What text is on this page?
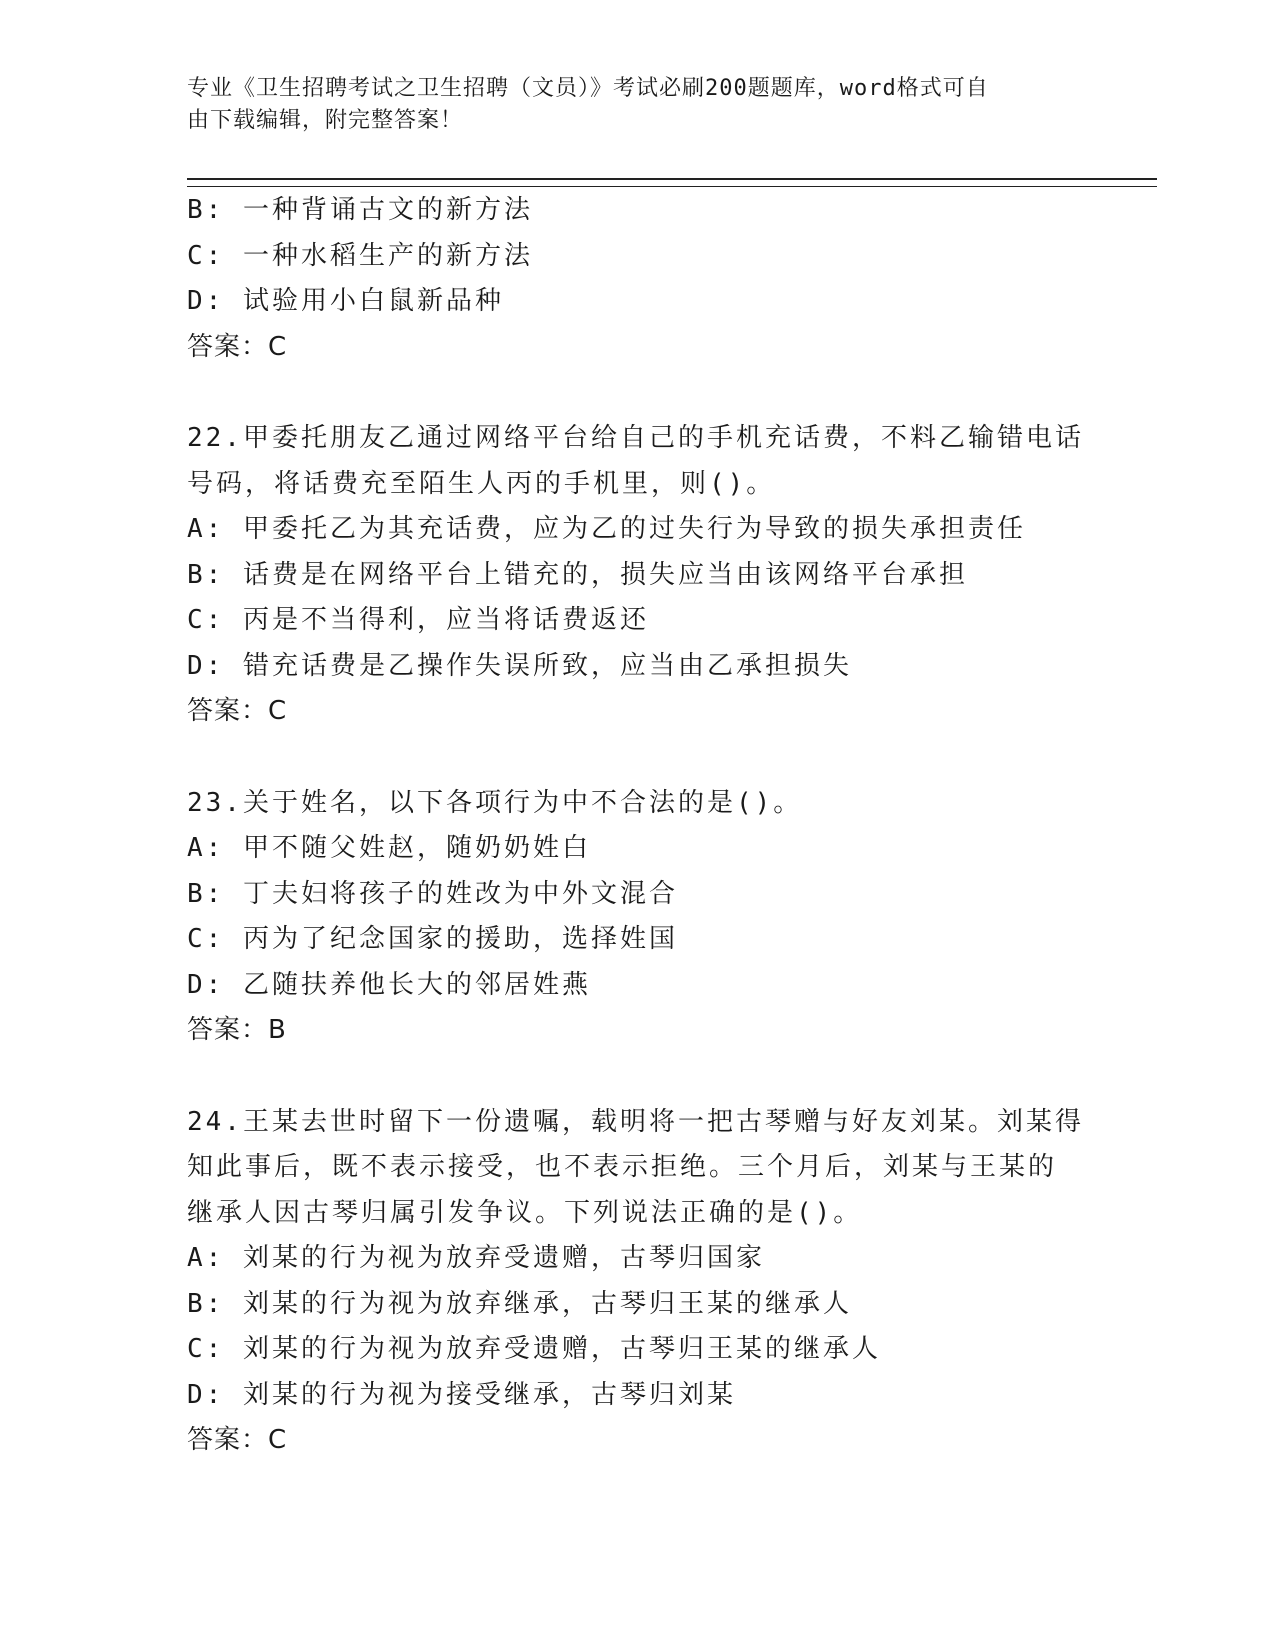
专业《卫生招聘考试之卫生招聘（文员）》考试必刷200题题库，word格式可自
由下载编辑，附完整答案！
B: 一种背诵古文的新方法
C: 一种水稻生产的新方法
D: 试验用小白鼠新品种
答案：C
22.甲委托朋友乙通过网络平台给自己的手机充话费，不料乙输错电话
号码，将话费充至陌生人丙的手机里，则()。
A: 甲委托乙为其充话费，应为乙的过失行为导致的损失承担责任
B: 话费是在网络平台上错充的，损失应当由该网络平台承担
C: 丙是不当得利，应当将话费返还
D: 错充话费是乙操作失误所致，应当由乙承担损失
答案：C
23.关于姓名，以下各项行为中不合法的是()。
A: 甲不随父姓赵，随奶奶姓白
B: 丁夫妇将孩子的姓改为中外文混合
C: 丙为了纪念国家的援助，选择姓国
D: 乙随扶养他长大的邻居姓燕
答案：B
24.王某去世时留下一份遗嘱，载明将一把古琴赠与好友刘某。刘某得
知此事后，既不表示接受，也不表示拒绝。三个月后，刘某与王某的
继承人因古琴归属引发争议。下列说法正确的是()。
A: 刘某的行为视为放弃受遗赠，古琴归国家
B: 刘某的行为视为放弃继承，古琴归王某的继承人
C: 刘某的行为视为放弃受遗赠，古琴归王某的继承人
D: 刘某的行为视为接受继承，古琴归刘某
答案：C
